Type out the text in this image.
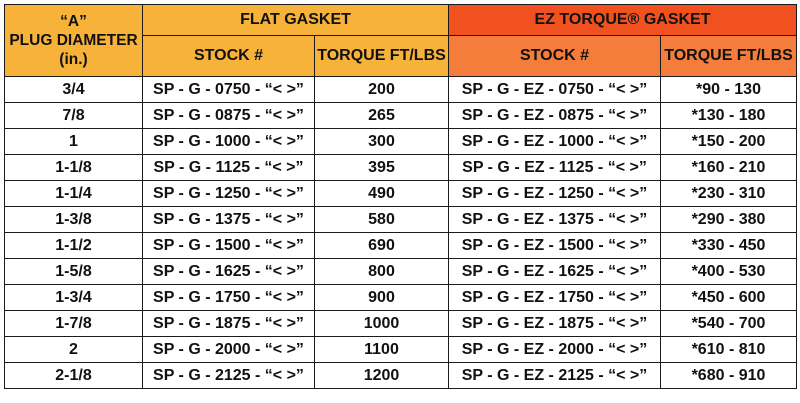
“A”
PLUG DIAMETER
(in.)	FLAT GASKET		EZ TORQUE® GASKET	
	STOCK #	TORQUE FT/LBS	STOCK #	TORQUE FT/LBS
3/4	SP - G - 0750 - “< >”	200	SP - G - EZ - 0750 - “< >”	*90 - 130
7/8	SP - G - 0875 - “< >”	265	SP - G - EZ - 0875 - “< >”	*130 - 180
1	SP - G - 1000 - “< >”	300	SP - G - EZ - 1000 - “< >”	*150 - 200
1-1/8	SP - G - 1125 - “< >”	395	SP - G - EZ - 1125 - “< >”	*160 - 210
1-1/4	SP - G - 1250 - “< >”	490	SP - G - EZ - 1250 - “< >”	*230 - 310
1-3/8	SP - G - 1375 - “< >”	580	SP - G - EZ - 1375 - “< >”	*290 - 380
1-1/2	SP - G - 1500 - “< >”	690	SP - G - EZ - 1500 - “< >”	*330 - 450
1-5/8	SP - G - 1625 - “< >”	800	SP - G - EZ - 1625 - “< >”	*400 - 530
1-3/4	SP - G - 1750 - “< >”	900	SP - G - EZ - 1750 - “< >”	*450 - 600
1-7/8	SP - G - 1875 - “< >”	1000	SP - G - EZ - 1875 - “< >”	*540 - 700
2	SP - G - 2000 - “< >”	1100	SP - G - EZ - 2000 - “< >”	*610 - 810
2-1/8	SP - G - 2125 - “< >”	1200	SP - G - EZ - 2125 - “< >”	*680 - 910
